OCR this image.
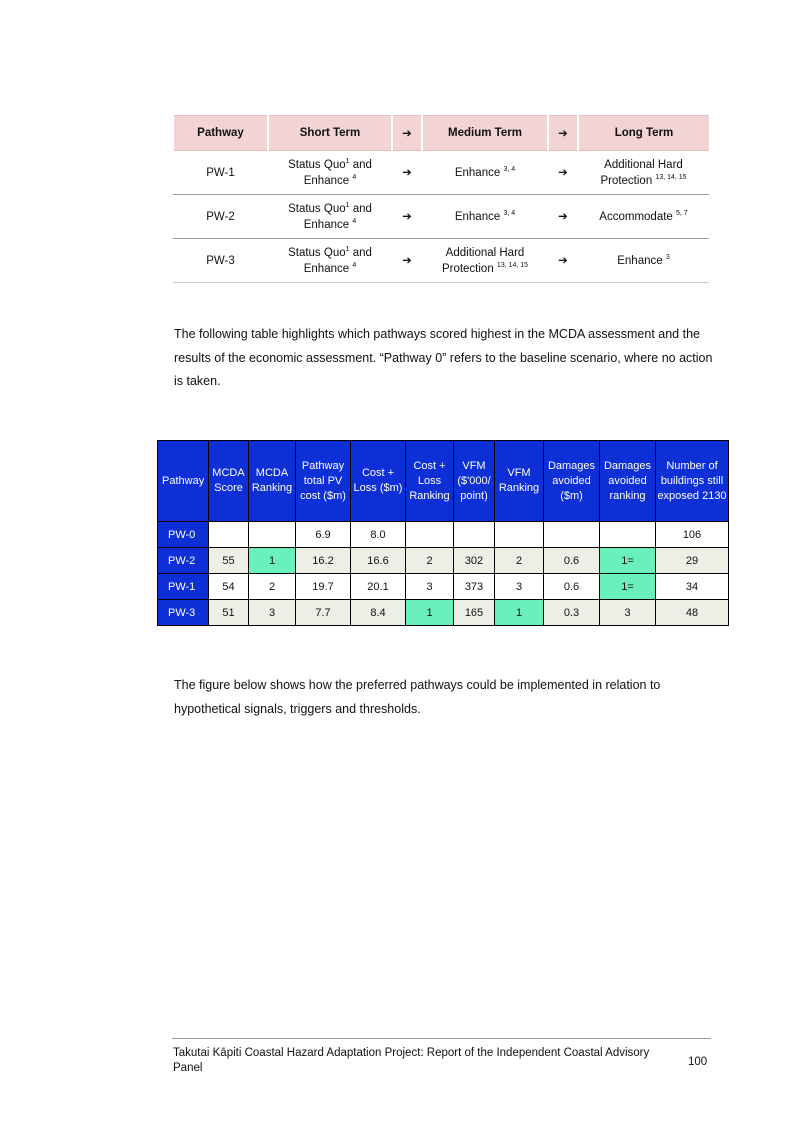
Pathway	Short Term	➔	Medium Term	➔	Long Term
PW-1	Status Quo$^1$ and
Enhance $^4$	➔	Enhance $^{3, 4}$	➔	Additional Hard
Protection $^{13, 14, 15}$
PW-2	Status Quo$^1$ and
Enhance $^4$	➔	Enhance $^{3, 4}$	➔	Accommodate $^{5, 7}$
PW-3	Status Quo$^1$ and
Enhance $^4$	➔	Additional Hard
Protection $^{13, 14, 15}$	➔	Enhance $^3$

The following table highlights which pathways scored highest in the MCDA assessment and the results of the economic assessment. “Pathway 0” refers to the baseline scenario, where no action is taken.

Pathway	MCDA Score	MCDA Ranking	Pathway total PV cost ($m)	Cost + Loss ($m)	Cost + Loss Ranking	VFM ($'000/ point)	VFM Ranking	Damages avoided ($m)	Damages avoided ranking	Number of buildings still exposed 2130
PW-0			6.9	8.0						106
PW-2	55	1	16.2	16.6	2	302	2	0.6	1=	29
PW-1	54	2	19.7	20.1	3	373	3	0.6	1=	34
PW-3	51	3	7.7	8.4	1	165	1	0.3	3	48

The figure below shows how the preferred pathways could be implemented in relation to hypothetical signals, triggers and thresholds.

Takutai Kāpiti Coastal Hazard Adaptation Project: Report of the Independent Coastal Advisory Panel	100
